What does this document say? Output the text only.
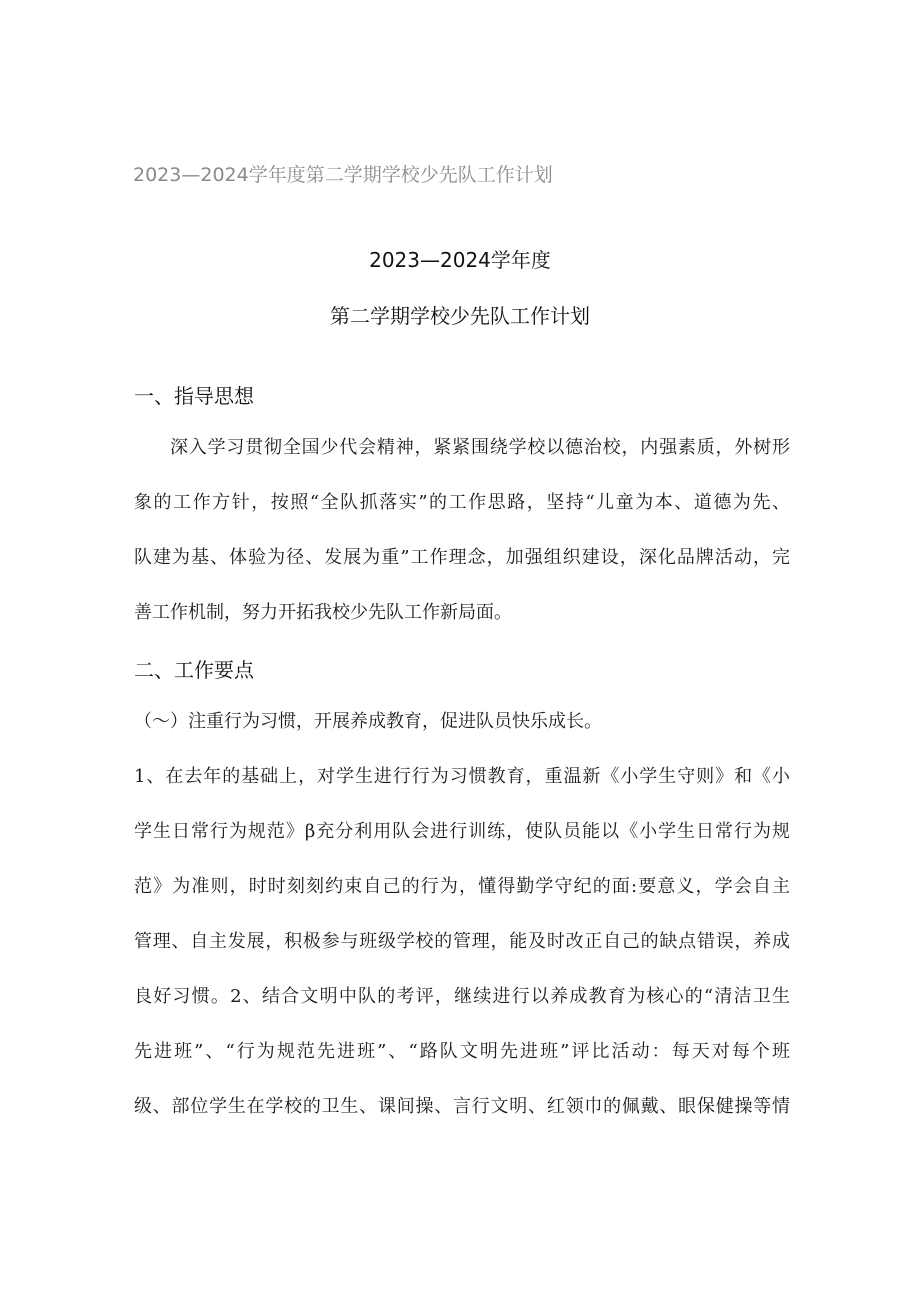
2023—2024学年度第二学期学校少先队工作计划
2023—2024学年度
第二学期学校少先队工作计划
一、指导思想
深入学习贯彻全国少代会精神，紧紧围绕学校以德治校，内强素质，外树形
象的工作方针，按照“全队抓落实”的工作思路，坚持“儿童为本、道德为先、
队建为基、体验为径、发展为重”工作理念，加强组织建设，深化品牌活动，完
善工作机制，努力开拓我校少先队工作新局面。
二、工作要点
（〜）注重行为习惯，开展养成教育，促进队员快乐成长。
1、在去年的基础上，对学生进行行为习惯教育，重温新《小学生守则》和《小
学生日常行为规范》β充分利用队会进行训练，使队员能以《小学生日常行为规
范》为准则，时时刻刻约束自己的行为，懂得勤学守纪的面:要意义，学会自主
管理、自主发展，积极参与班级学校的管理，能及时改正自己的缺点错误，养成
良好习惯。2、结合文明中队的考评，继续进行以养成教育为核心的“清洁卫生
先进班”、“行为规范先进班”、“路队文明先进班”评比活动：每天对每个班
级、部位学生在学校的卫生、课间操、言行文明、红领巾的佩戴、眼保健操等情
